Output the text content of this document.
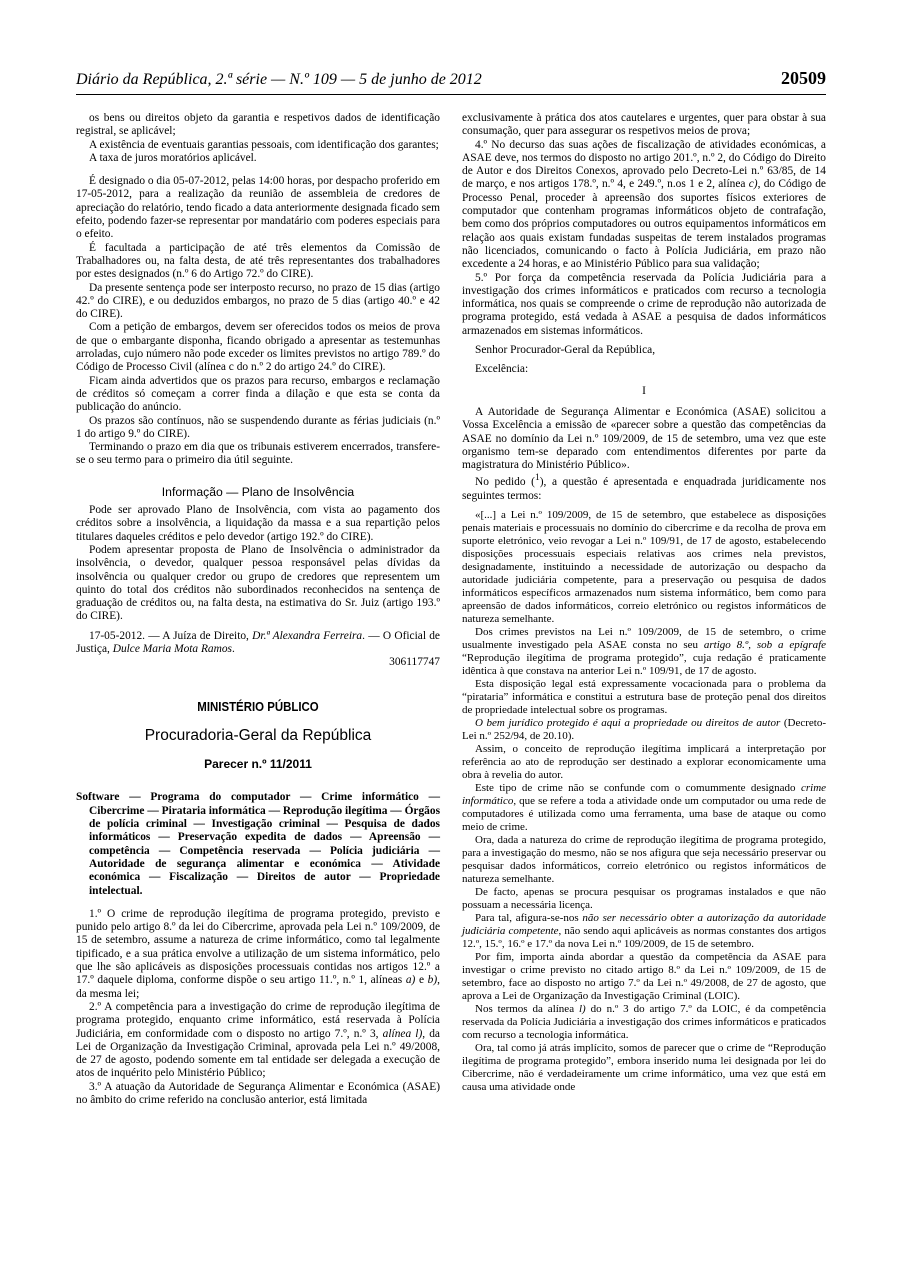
Diário da República, 2.ª série — N.º 109 — 5 de junho de 2012	20509

os bens ou direitos objeto da garantia e respetivos dados de identificação registral, se aplicável;

A existência de eventuais garantias pessoais, com identificação dos garantes;

A taxa de juros moratórios aplicável.

É designado o dia 05-07-2012, pelas 14:00 horas, por despacho proferido em 17-05-2012, para a realização da reunião de assembleia de credores de apreciação do relatório, tendo ficado a data anteriormente designada ficado sem efeito, podendo fazer-se representar por mandatário com poderes especiais para o efeito.

É facultada a participação de até três elementos da Comissão de Trabalhadores ou, na falta desta, de até três representantes dos trabalhadores por estes designados (n.º 6 do Artigo 72.º do CIRE).

Da presente sentença pode ser interposto recurso, no prazo de 15 dias (artigo 42.º do CIRE), e ou deduzidos embargos, no prazo de 5 dias (artigo 40.º e 42 do CIRE).

Com a petição de embargos, devem ser oferecidos todos os meios de prova de que o embargante disponha, ficando obrigado a apresentar as testemunhas arroladas, cujo número não pode exceder os limites previstos no artigo 789.º do Código de Processo Civil (alínea c do n.º 2 do artigo 24.º do CIRE).

Ficam ainda advertidos que os prazos para recurso, embargos e reclamação de créditos só começam a correr finda a dilação e que esta se conta da publicação do anúncio.

Os prazos são contínuos, não se suspendendo durante as férias judiciais (n.º 1 do artigo 9.º do CIRE).

Terminando o prazo em dia que os tribunais estiverem encerrados, transfere-se o seu termo para o primeiro dia útil seguinte.

Informação — Plano de Insolvência

Pode ser aprovado Plano de Insolvência, com vista ao pagamento dos créditos sobre a insolvência, a liquidação da massa e a sua repartição pelos titulares daqueles créditos e pelo devedor (artigo 192.º do CIRE).

Podem apresentar proposta de Plano de Insolvência o administrador da insolvência, o devedor, qualquer pessoa responsável pelas dívidas da insolvência ou qualquer credor ou grupo de credores que representem um quinto do total dos créditos não subordinados reconhecidos na sentença de graduação de créditos ou, na falta desta, na estimativa do Sr. Juiz (artigo 193.º do CIRE).

17-05-2012. — A Juíza de Direito, Dr.ª Alexandra Ferreira. — O Oficial de Justiça, Dulce Maria Mota Ramos.

306117747

MINISTÉRIO PÚBLICO
Procuradoria-Geral da República
Parecer n.º 11/2011

Software — Programa do computador — Crime informático — Cibercrime — Pirataria informática — Reprodução ilegítima — Órgãos de polícia criminal — Investigação criminal — Pesquisa de dados informáticos — Preservação expedita de dados — Apreensão — competência — Competência reservada — Polícia judiciária — Autoridade de segurança alimentar e económica — Atividade económica — Fiscalização — Direitos de autor — Propriedade intelectual.

1.º O crime de reprodução ilegítima de programa protegido, previsto e punido pelo artigo 8.º da lei do Cibercrime, aprovada pela Lei n.º 109/2009, de 15 de setembro, assume a natureza de crime informático, como tal legalmente tipificado, e a sua prática envolve a utilização de um sistema informático, pelo que lhe são aplicáveis as disposições processuais contidas nos artigos 12.º a 17.º daquele diploma, conforme dispõe o seu artigo 11.º, n.º 1, alíneas a) e b), da mesma lei;

2.º A competência para a investigação do crime de reprodução ilegítima de programa protegido, enquanto crime informático, está reservada à Polícia Judiciária, em conformidade com o disposto no artigo 7.º, n.º 3, alínea l), da Lei de Organização da Investigação Criminal, aprovada pela Lei n.º 49/2008, de 27 de agosto, podendo somente em tal entidade ser delegada a execução de atos de inquérito pelo Ministério Público;

3.º A atuação da Autoridade de Segurança Alimentar e Económica (ASAE) no âmbito do crime referido na conclusão anterior, está limitada

exclusivamente à prática dos atos cautelares e urgentes, quer para obstar à sua consumação, quer para assegurar os respetivos meios de prova;

4.º No decurso das suas ações de fiscalização de atividades económicas, a ASAE deve, nos termos do disposto no artigo 201.º, n.º 2, do Código do Direito de Autor e dos Direitos Conexos, aprovado pelo Decreto-Lei n.º 63/85, de 14 de março, e nos artigos 178.º, n.º 4, e 249.º, n.os 1 e 2, alínea c), do Código de Processo Penal, proceder à apreensão dos suportes físicos exteriores de computador que contenham programas informáticos objeto de contrafação, bem como dos próprios computadores ou outros equipamentos informáticos em relação aos quais existam fundadas suspeitas de terem instalados programas não licenciados, comunicando o facto à Polícia Judiciária, em prazo não excedente a 24 horas, e ao Ministério Público para sua validação;

5.º Por força da competência reservada da Polícia Judiciária para a investigação dos crimes informáticos e praticados com recurso a tecnologia informática, nos quais se compreende o crime de reprodução não autorizada de programa protegido, está vedada à ASAE a pesquisa de dados informáticos armazenados em sistemas informáticos.

Senhor Procurador-Geral da República,

Excelência:

I

A Autoridade de Segurança Alimentar e Económica (ASAE) solicitou a Vossa Excelência a emissão de «parecer sobre a questão das competências da ASAE no domínio da Lei n.º 109/2009, de 15 de setembro, uma vez que este organismo tem-se deparado com entendimentos diferentes por parte da magistratura do Ministério Público».

No pedido ($^1$), a questão é apresentada e enquadrada juridicamente nos seguintes termos:

«[...] a Lei n.º 109/2009, de 15 de setembro, que estabelece as disposições penais materiais e processuais no domínio do cibercrime e da recolha de prova em suporte eletrónico, veio revogar a Lei n.º 109/91, de 17 de agosto, estabelecendo disposições processuais especiais relativas aos crimes nela previstos, designadamente, instituindo a necessidade de autorização ou despacho da autoridade judiciária competente, para a preservação ou pesquisa de dados informáticos específicos armazenados num sistema informático, bem como para apreensão de dados informáticos, correio eletrónico ou registos informáticos de natureza semelhante.

Dos crimes previstos na Lei n.º 109/2009, de 15 de setembro, o crime usualmente investigado pela ASAE consta no seu artigo 8.º, sob a epígrafe “Reprodução ilegítima de programa protegido”, cuja redação é praticamente idêntica à que constava na anterior Lei n.º 109/91, de 17 de agosto.

Esta disposição legal está expressamente vocacionada para o problema da “pirataria” informática e constitui a estrutura base de proteção penal dos direitos de propriedade intelectual sobre os programas.

O bem jurídico protegido é aqui a propriedade ou direitos de autor (Decreto-Lei n.º 252/94, de 20.10).

Assim, o conceito de reprodução ilegítima implicará a interpretação por referência ao ato de reprodução ser destinado a explorar economicamente uma obra à revelia do autor.

Este tipo de crime não se confunde com o comummente designado crime informático, que se refere a toda a atividade onde um computador ou uma rede de computadores é utilizada como uma ferramenta, uma base de ataque ou como meio de crime.

Ora, dada a natureza do crime de reprodução ilegítima de programa protegido, para a investigação do mesmo, não se nos afigura que seja necessário preservar ou pesquisar dados informáticos, correio eletrónico ou registos informáticos de natureza semelhante.

De facto, apenas se procura pesquisar os programas instalados e que não possuam a necessária licença.

Para tal, afigura-se-nos não ser necessário obter a autorização da autoridade judiciária competente, não sendo aqui aplicáveis as normas constantes dos artigos 12.º, 15.º, 16.º e 17.º da nova Lei n.º 109/2009, de 15 de setembro.

Por fim, importa ainda abordar a questão da competência da ASAE para investigar o crime previsto no citado artigo 8.º da Lei n.º 109/2009, de 15 de setembro, face ao disposto no artigo 7.º da Lei n.º 49/2008, de 27 de agosto, que aprova a Lei de Organização da Investigação Criminal (LOIC).

Nos termos da alínea l) do n.º 3 do artigo 7.º da LOIC, é da competência reservada da Polícia Judiciária a investigação dos crimes informáticos e praticados com recurso a tecnologia informática.

Ora, tal como já atrás implícito, somos de parecer que o crime de “Reprodução ilegítima de programa protegido”, embora inserido numa lei designada por lei do Cibercrime, não é verdadeiramente um crime informático, uma vez que está em causa uma atividade onde
